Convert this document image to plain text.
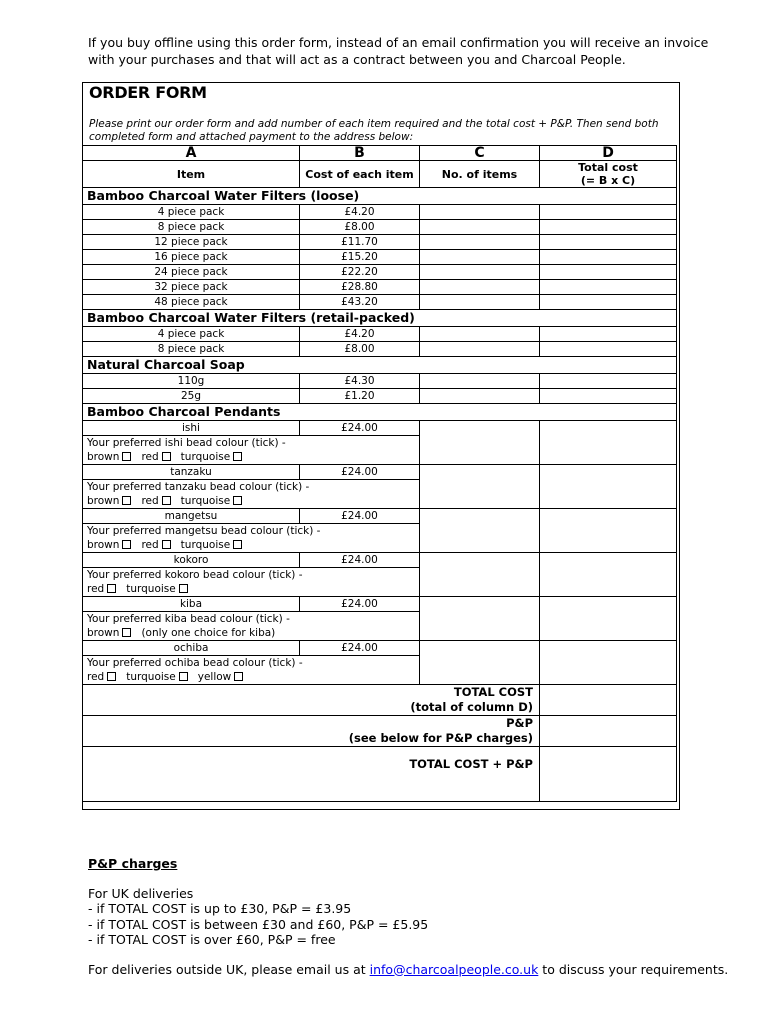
If you buy offline using this order form, instead of an email confirmation you will receive an invoice with your purchases and that will act as a contract between you and Charcoal People.
ORDER FORM
Please print our order form and add number of each item required and the total cost + P&P. Then send both completed form and attached payment to the address below:
A	B	C	D
Item	Cost of each item	No. of items	Total cost
(= B x C)

Bamboo Charcoal Water Filters (loose)			
4 piece pack	£4.20		
8 piece pack	£8.00		
12 piece pack	£11.70		
16 piece pack	£15.20		
24 piece pack	£22.20		
32 piece pack	£28.80		
48 piece pack	£43.20		
Bamboo Charcoal Water Filters (retail-packed)			
4 piece pack	£4.20		
8 piece pack	£8.00		
Natural Charcoal Soap			
110g	£4.30		
25g	£1.20		
Bamboo Charcoal Pendants			
ishi	£24.00		

Your preferred ishi bead colour (tick) -
brown red turquoise			

tanzaku	£24.00		

Your preferred tanzaku bead colour (tick) -
brown red turquoise			

mangetsu	£24.00		

Your preferred mangetsu bead colour (tick) -
brown red turquoise			

kokoro	£24.00		

Your preferred kokoro bead colour (tick) -
red turquoise			

kiba	£24.00		

Your preferred kiba bead colour (tick) -
brown (only one choice for kiba)			

ochiba	£24.00		

Your preferred ochiba bead colour (tick) -
red turquoise yellow			

TOTAL COST
(total of column D)			

P&P
(see below for P&P charges)			

TOTAL COST + P&P			

P&P charges
For UK deliveries
- if TOTAL COST is up to £30, P&P = £3.95
- if TOTAL COST is between £30 and £60, P&P = £5.95
- if TOTAL COST is over £60, P&P = free
For deliveries outside UK, please email us at info@charcoalpeople.co.uk to discuss your requirements.
